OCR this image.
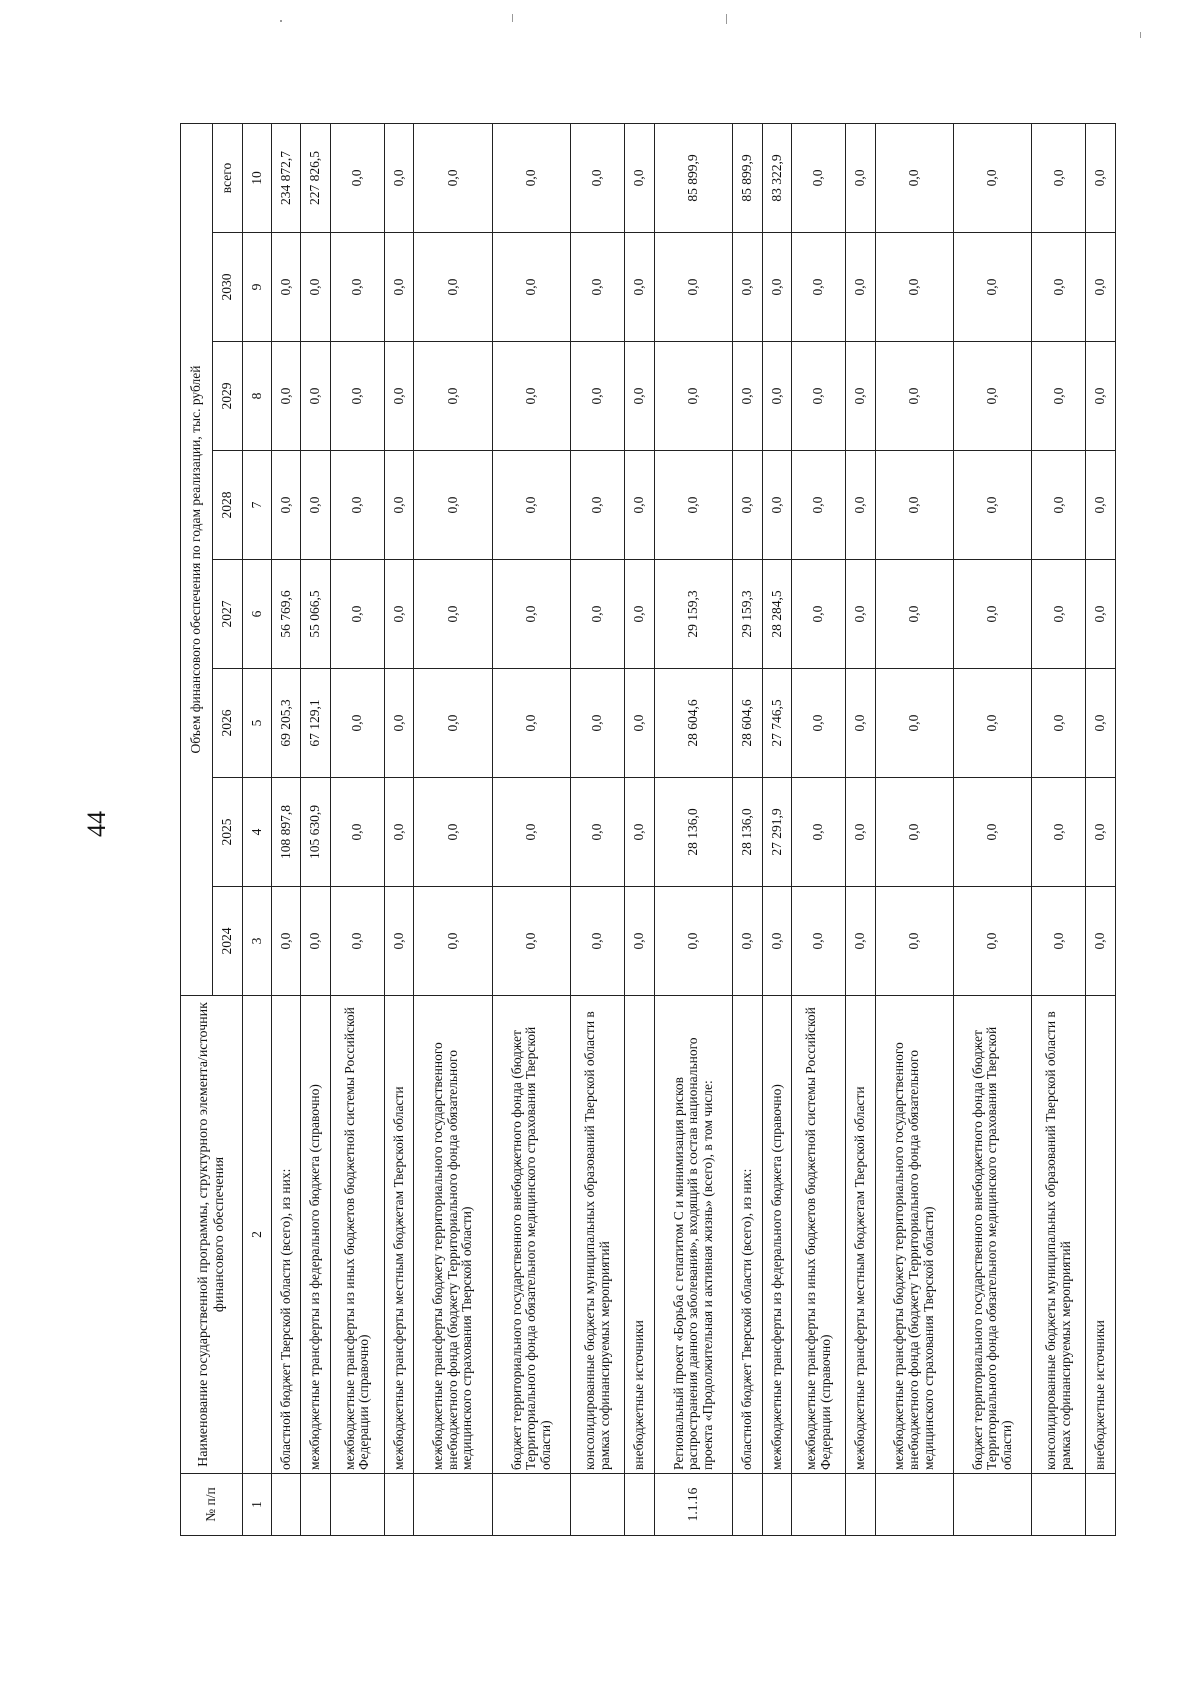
44
№ п/п	Наименование государственной программы, структурного элемента/источник финансового обеспечения	Объем финансового обеспечения по годам реализации, тыс. рублей							
		2024	2025	2026	2027	2028	2029	2030	всего
1	2	3	4	5	6	7	8	9	10
	областной бюджет Тверской области (всего), из них:	0,0	108 897,8	69 205,3	56 769,6	0,0	0,0	0,0	234 872,7
	межбюджетные трансферты из федерального бюджета (справочно)	0,0	105 630,9	67 129,1	55 066,5	0,0	0,0	0,0	227 826,5
	межбюджетные трансферты из иных бюджетов бюджетной системы Российской Федерации (справочно)	0,0	0,0	0,0	0,0	0,0	0,0	0,0	0,0
	межбюджетные трансферты местным бюджетам Тверской области	0,0	0,0	0,0	0,0	0,0	0,0	0,0	0,0
	межбюджетные трансферты бюджету территориального государственного внебюджетного фонда (бюджету Территориального фонда обязательного медицинского страхования Тверской области)	0,0	0,0	0,0	0,0	0,0	0,0	0,0	0,0
	бюджет территориального государственного внебюджетного фонда (бюджет Территориального фонда обязательного медицинского страхования Тверской области)	0,0	0,0	0,0	0,0	0,0	0,0	0,0	0,0
	консолидированные бюджеты муниципальных образований Тверской области в рамках софинансируемых мероприятий	0,0	0,0	0,0	0,0	0,0	0,0	0,0	0,0
	внебюджетные источники	0,0	0,0	0,0	0,0	0,0	0,0	0,0	0,0
1.1.16	Региональный проект «Борьба с гепатитом С и минимизация рисков распространения данного заболевания», входящий в состав национального проекта «Продолжительная и активная жизнь» (всего), в том числе:	0,0	28 136,0	28 604,6	29 159,3	0,0	0,0	0,0	85 899,9
	областной бюджет Тверской области (всего), из них:	0,0	28 136,0	28 604,6	29 159,3	0,0	0,0	0,0	85 899,9
	межбюджетные трансферты из федерального бюджета (справочно)	0,0	27 291,9	27 746,5	28 284,5	0,0	0,0	0,0	83 322,9
	межбюджетные трансферты из иных бюджетов бюджетной системы Российской Федерации (справочно)	0,0	0,0	0,0	0,0	0,0	0,0	0,0	0,0
	межбюджетные трансферты местным бюджетам Тверской области	0,0	0,0	0,0	0,0	0,0	0,0	0,0	0,0
	межбюджетные трансферты бюджету территориального государственного внебюджетного фонда (бюджету Территориального фонда обязательного медицинского страхования Тверской области)	0,0	0,0	0,0	0,0	0,0	0,0	0,0	0,0
	бюджет территориального государственного внебюджетного фонда (бюджет Территориального фонда обязательного медицинского страхования Тверской области)	0,0	0,0	0,0	0,0	0,0	0,0	0,0	0,0
	консолидированные бюджеты муниципальных образований Тверской области в рамках софинансируемых мероприятий	0,0	0,0	0,0	0,0	0,0	0,0	0,0	0,0
	внебюджетные источники	0,0	0,0	0,0	0,0	0,0	0,0	0,0	0,0
